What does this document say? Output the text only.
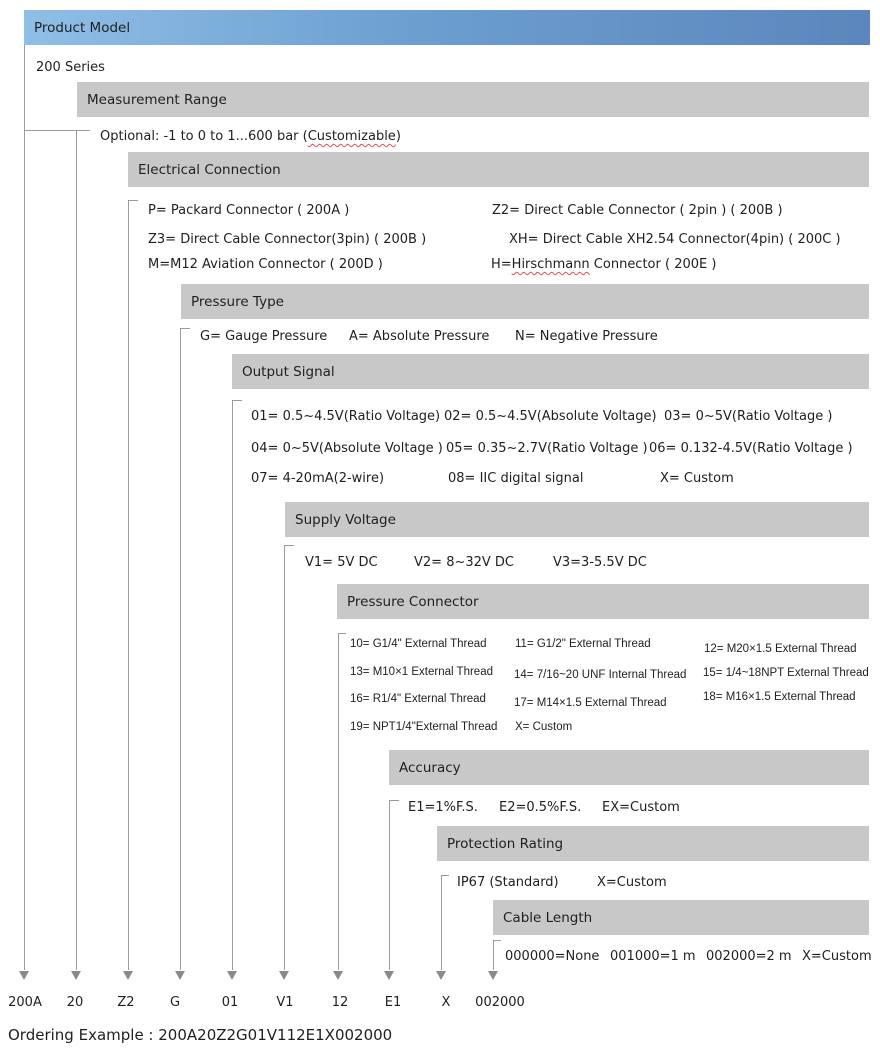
Product Model
200 Series
Measurement Range
Optional: -1 to 0 to 1...600 bar (Customizable)
Electrical Connection
P= Packard Connector ( 200A )	Z2= Direct Cable Connector ( 2pin ) ( 200B )
Z3= Direct Cable Connector(3pin) ( 200B )	XH= Direct Cable XH2.54 Connector(4pin) ( 200C )
M=M12 Aviation Connector ( 200D )	H=Hirschmann Connector ( 200E )
Pressure Type
G= Gauge Pressure A= Absolute Pressure N= Negative Pressure
Output Signal
01= 0.5~4.5V(Ratio Voltage) 02= 0.5~4.5V(Absolute Voltage) 03= 0~5V(Ratio Voltage )
04= 0~5V(Absolute Voltage ) 05= 0.35~2.7V(Ratio Voltage ) 06= 0.132-4.5V(Ratio Voltage )
07= 4-20mA(2-wire)	08= IIC digital signal	X= Custom
Supply Voltage
V1= 5V DC	V2= 8~32V DC	V3=3-5.5V DC
Pressure Connector
10= G1/4" External Thread 11= G1/2" External Thread	12= M20×1.5 External Thread
13= M10×1 External Thread 14= 7/16~20 UNF Internal Thread 15= 1/4~18NPT External Thread
16= R1/4" External Thread 17= M14×1.5 External Thread	18= M16×1.5 External Thread
19= NPT1/4"External Thread X= Custom
Accuracy
E1=1%F.S. E2=0.5%F.S. EX=Custom
Protection Rating
IP67 (Standard)	X=Custom
Cable Length
000000=None 001000=1 m 002000=2 m X=Custom
200A 20	Z2	G	01	V1	12	E1	X 002000
Ordering Example : 200A20Z2G01V112E1X002000
